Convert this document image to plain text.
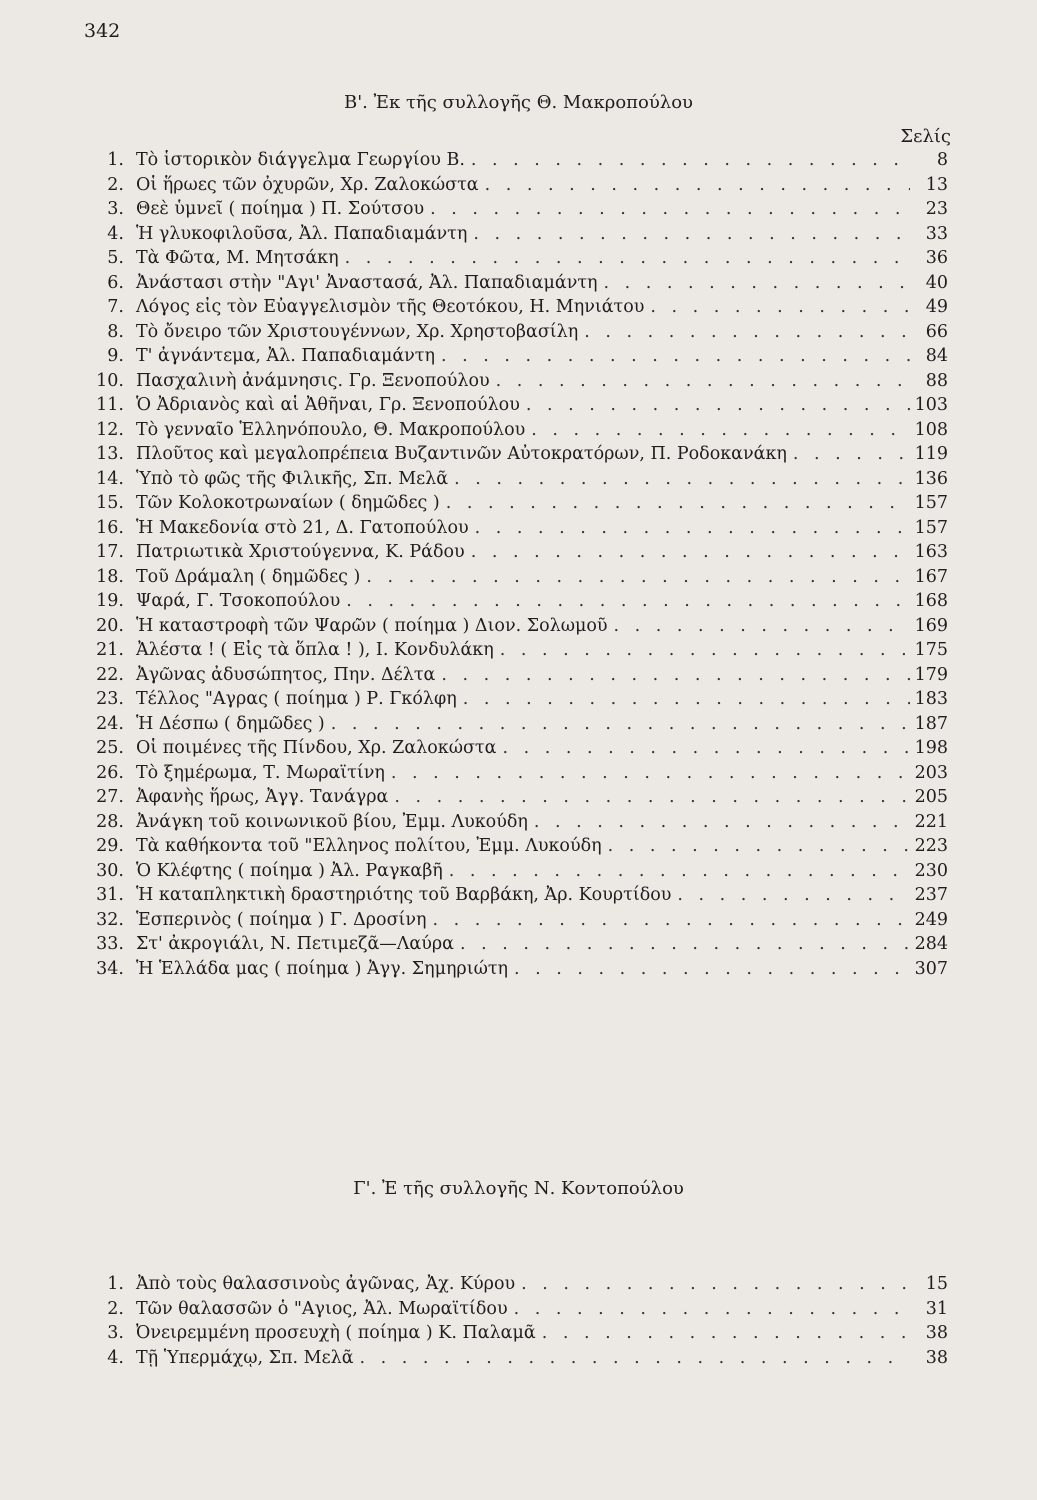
342
Β'. Ἐκ τῆς συλλογῆς Θ. Μακροπούλου
Σελίς
1. Τὸ ἱστορικὸν διάγγελμα Γεωργίου Β. . . .	8
2. Οἱ ἥρωες τῶν ὀχυρῶν, Χρ. Ζαλοκώστα . . .	13
3. Θεὲ ὑμνεῖ ( ποίημα ) Π. Σούτσου . . .	23
4. Ἡ γλυκοφιλοῦσα, Ἀλ. Παπαδιαμάντη . . .	33
5. Τὰ Φῶτα, Μ. Μητσάκη . . .	36
6. Ἀνάστασι στὴν "Αγι' Ἀναστασά, Ἀλ. Παπαδιαμάντη . . .	40
7. Λόγος εἰς τὸν Εὐαγγελισμὸν τῆς Θεοτόκου, Η. Μηνιάτου . . .	49
8. Τὸ ὄνειρο τῶν Χριστουγέννων, Χρ. Χρηστοβασίλη . . .	66
9. Τ' ἀγνάντεμα, Ἀλ. Παπαδιαμάντη . . .	84
10. Πασχαλινὴ ἀνάμνησις. Γρ. Ξενοπούλου . . .	88
11. Ὁ Ἀδριανὸς καὶ αἱ Ἀθῆναι, Γρ. Ξενοπούλου . . .	103
12. Τὸ γενναῖο Ἑλληνόπουλο, Θ. Μακροπούλου . . .	108
13. Πλοῦτος καὶ μεγαλοπρέπεια Βυζαντινῶν Αὐτοκρατόρων, Π. Ροδοκανάκη . . .	119
14. Ὑπὸ τὸ φῶς τῆς Φιλικῆς, Σπ. Μελᾶ . . .	136
15. Τῶν Κολοκοτρωναίων ( δημῶδες ) . . .	157
16. Ἡ Μακεδονία στὸ 21, Δ. Γατοπούλου . . .	157
17. Πατριωτικὰ Χριστούγεννα, Κ. Ράδου . . .	163
18. Τοῦ Δράμαλη ( δημῶδες ) . . .	167
19. Ψαρά, Γ. Τσοκοπούλου . . .	168
20. Ἡ καταστροφὴ τῶν Ψαρῶν ( ποίημα ) Διον. Σολωμοῦ . . .	169
21. Ἀλέστα ! ( Εἰς τὰ ὅπλα ! ), Ι. Κονδυλάκη . . .	175
22. Ἀγῶνας ἀδυσώπητος, Πην. Δέλτα . . .	179
23. Τέλλος "Αγρας ( ποίημα ) Ρ. Γκόλφη . . .	183
24. Ἡ Δέσπω ( δημῶδες ) . . .	187
25. Οἱ ποιμένες τῆς Πίνδου, Χρ. Ζαλοκώστα . . .	198
26. Τὸ ξημέρωμα, Τ. Μωραϊτίνη . . .	203
27. Ἀφανὴς ἥρως, Ἀγγ. Τανάγρα . . .	205
28. Ἀνάγκη τοῦ κοινωνικοῦ βίου, Ἐμμ. Λυκούδη . . .	221
29. Τὰ καθήκοντα τοῦ "Ελληνος πολίτου, Ἐμμ. Λυκούδη . . .	223
30. Ὁ Κλέφτης ( ποίημα ) Ἀλ. Ραγκαβῆ . . .	230
31. Ἡ καταπληκτικὴ δραστηριότης τοῦ Βαρβάκη, Ἀρ. Κουρτίδου . . .	237
32. Ἑσπερινὸς ( ποίημα ) Γ. Δροσίνη . . .	249
33. Στ' ἀκρογιάλι, Ν. Πετιμεζᾶ—Λαύρα . . .	284
34. Ἡ Ἑλλάδα μας ( ποίημα ) Ἀγγ. Σημηριώτη . . .	307
Γ'. Ἐ τῆς συλλογῆς Ν. Κοντοπούλου
1. Ἀπὸ τοὺς θαλασσινοὺς ἀγῶνας, Ἀχ. Κύρου . . .	15
2. Τῶν θαλασσῶν ὁ "Αγιος, Ἀλ. Μωραϊτίδου . . .	31
3. Ὀνειρεμμένη προσευχὴ ( ποίημα ) Κ. Παλαμᾶ . . .	38
4. Τῇ Ὑπερμάχῳ, Σπ. Μελᾶ . . .	38
